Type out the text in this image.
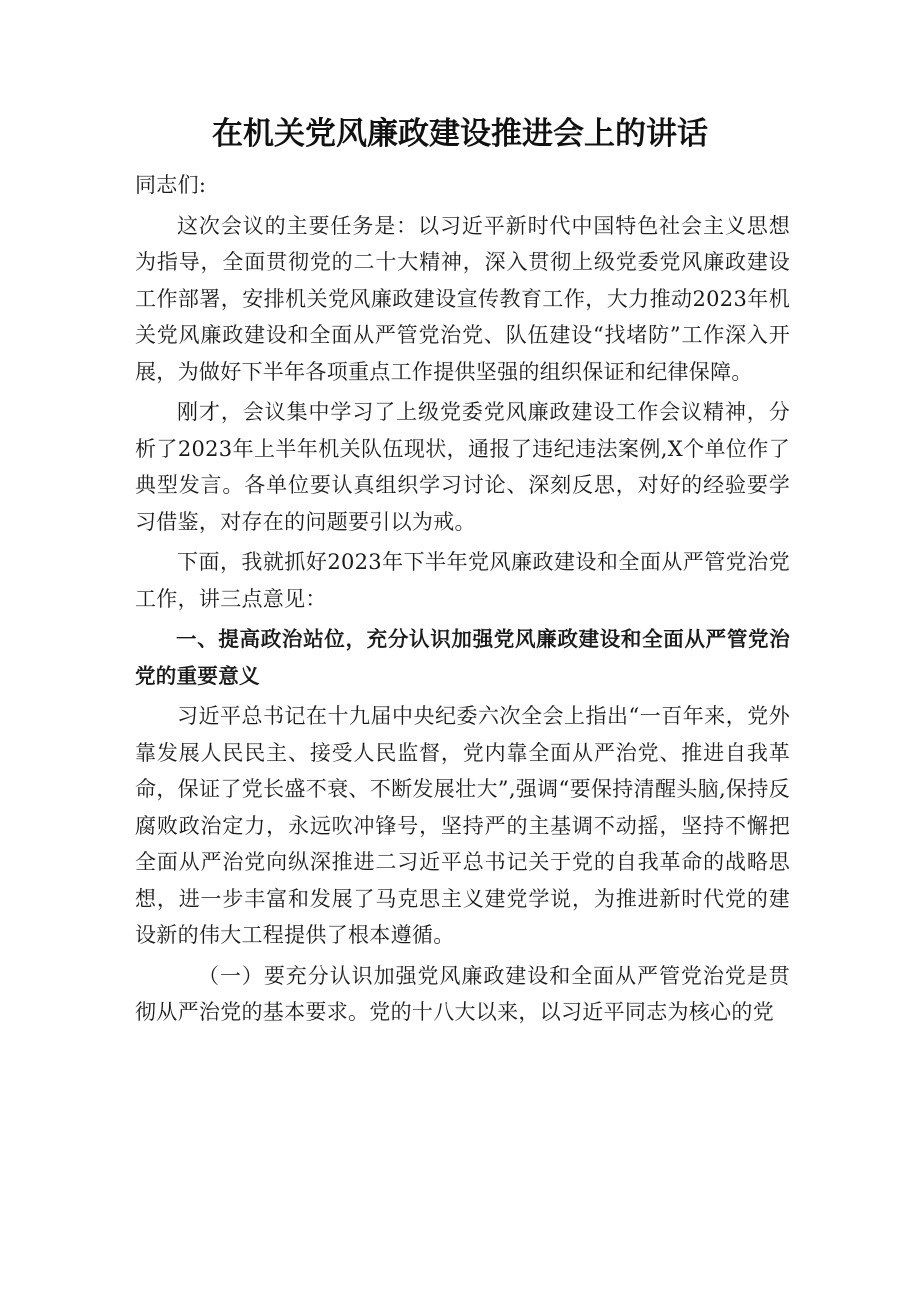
在机关党风廉政建设推进会上的讲话

同志们:

这次会议的主要任务是：以习近平新时代中国特色社会主义思想为指导，全面贯彻党的二十大精神，深入贯彻上级党委党风廉政建设工作部署，安排机关党风廉政建设宣传教育工作，大力推动2023年机关党风廉政建设和全面从严管党治党、队伍建设“找堵防”工作深入开展，为做好下半年各项重点工作提供坚强的组织保证和纪律保障。

刚才，会议集中学习了上级党委党风廉政建设工作会议精神，分析了2023年上半年机关队伍现状，通报了违纪违法案例,X个单位作了典型发言。各单位要认真组织学习讨论、深刻反思，对好的经验要学习借鉴，对存在的问题要引以为戒。

下面，我就抓好2023年下半年党风廉政建设和全面从严管党治党工作，讲三点意见：

一、提高政治站位，充分认识加强党风廉政建设和全面从严管党治党的重要意义

习近平总书记在十九届中央纪委六次全会上指出“一百年来，党外靠发展人民民主、接受人民监督，党内靠全面从严治党、推进自我革命，保证了党长盛不衰、不断发展壮大”,强调“要保持清醒头脑,保持反腐败政治定力，永远吹冲锋号，坚持严的主基调不动摇，坚持不懈把全面从严治党向纵深推进二习近平总书记关于党的自我革命的战略思想，进一步丰富和发展了马克思主义建党学说，为推进新时代党的建设新的伟大工程提供了根本遵循。

（一）要充分认识加强党风廉政建设和全面从严管党治党是贯彻从严治党的基本要求。党的十八大以来，以习近平同志为核心的党
